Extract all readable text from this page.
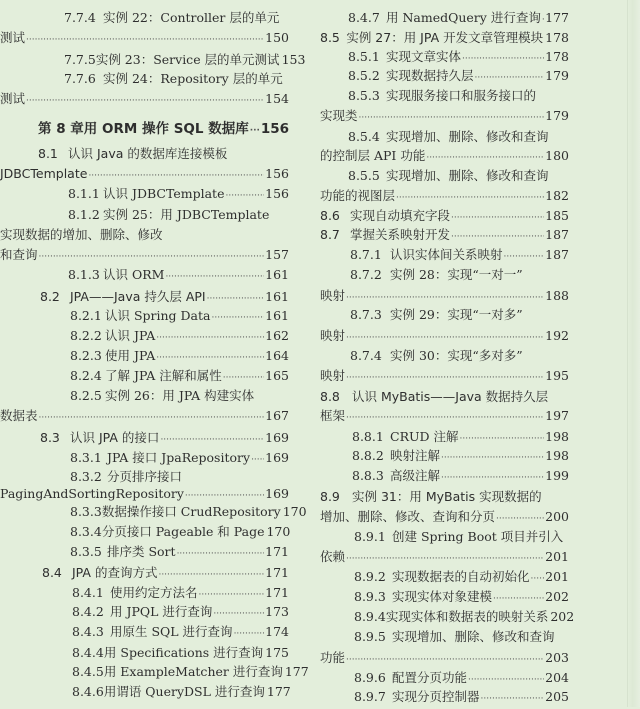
7.7.4 实例 22：Controller 层的单元
测试 ·····	150
7.7.5 实例 23：Service 层的单元测试 153
7.7.6 实例 24：Repository 层的单元
测试 ·····	154
第 8 章 用 ORM 操作 SQL 数据库 ····· 156
8.1 认识 Java 的数据库连接模板
JDBCTemplate ·····	156
8.1.1 认识 JDBCTemplate ·····	156
8.1.2 实例 25：用 JDBCTemplate
实现数据的增加、删除、修改
和查询 ·····	157
8.1.3 认识 ORM ·····	161
8.2 JPA——Java 持久层 API ·····	161
8.2.1 认识 Spring Data ·····	161
8.2.2 认识 JPA ·····	162
8.2.3 使用 JPA ·····	164
8.2.4 了解 JPA 注解和属性 ·····	165
8.2.5 实例 26：用 JPA 构建实体
数据表 ·····	167
8.3 认识 JPA 的接口 ·····	169
8.3.1 JPA 接口 JpaRepository ····· 169
8.3.2 分页排序接口
PagingAndSortingRepository ·····	169
8.3.3 数据操作接口 CrudRepository 170
8.3.4 分页接口 Pageable 和 Page 170
8.3.5 排序类 Sort ·····	171
8.4 JPA 的查询方式 ·····	171
8.4.1 使用约定方法名 ·····	171
8.4.2 用 JPQL 进行查询 ·····	173
8.4.3 用原生 SQL 进行查询 ·····	174
8.4.4 用 Specifications 进行查询 175
8.4.5 用 ExampleMatcher 进行查询 177
8.4.6 用谓语 QueryDSL 进行查询 177
8.4.7 用 NamedQuery 进行查询 ····· 177
8.5 实例 27：用 JPA 开发文章管理模块 178
8.5.1 实现文章实体 ·····	178
8.5.2 实现数据持久层 ·····	179
8.5.3 实现服务接口和服务接口的
实现类 ·····	179
8.5.4 实现增加、删除、修改和查询
的控制层 API 功能 ·····	180
8.5.5 实现增加、删除、修改和查询
功能的视图层 ·····	182
8.6 实现自动填充字段 ·····	185
8.7 掌握关系映射开发 ·····	187
8.7.1 认识实体间关系映射 ·····	187
8.7.2 实例 28：实现“一对一”
映射 ·····	188
8.7.3 实例 29：实现“一对多”
映射 ·····	192
8.7.4 实例 30：实现“多对多”
映射 ·····	195
8.8 认识 MyBatis——Java 数据持久层
框架 ·····	197
8.8.1 CRUD 注解 ·····	198
8.8.2 映射注解 ·····	198
8.8.3 高级注解 ·····	199
8.9 实例 31：用 MyBatis 实现数据的
增加、删除、修改、查询和分页 ·····	200
8.9.1 创建 Spring Boot 项目并引入
依赖 ·····	201
8.9.2 实现数据表的自动初始化 ····· 201
8.9.3 实现实体对象建模 ·····	202
8.9.4 实现实体和数据表的映射关系 202
8.9.5 实现增加、删除、修改和查询
功能 ·····	203
8.9.6 配置分页功能 ·····	204
8.9.7 实现分页控制器 ·····	205
